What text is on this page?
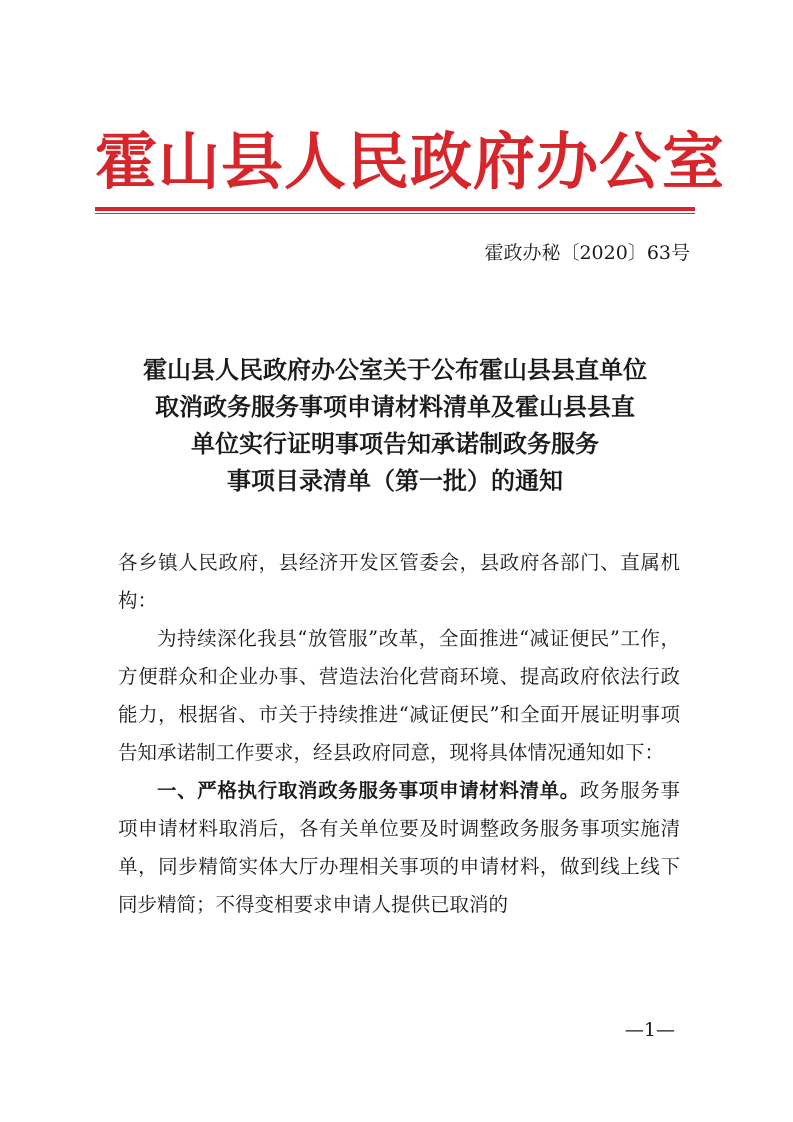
霍山县人民政府办公室
霍政办秘〔2020〕63号
霍山县人民政府办公室关于公布霍山县县直单位
取消政务服务事项申请材料清单及霍山县县直
单位实行证明事项告知承诺制政务服务
事项目录清单（第一批）的通知

各乡镇人民政府，县经济开发区管委会，县政府各部门、直属机构：

为持续深化我县“放管服”改革，全面推进“减证便民”工作，方便群众和企业办事、营造法治化营商环境、提高政府依法行政能力，根据省、市关于持续推进“减证便民”和全面开展证明事项告知承诺制工作要求，经县政府同意，现将具体情况通知如下：

一、严格执行取消政务服务事项申请材料清单。政务服务事项申请材料取消后，各有关单位要及时调整政务服务事项实施清单，同步精简实体大厅办理相关事项的申请材料，做到线上线下同步精简；不得变相要求申请人提供已取消的

—1—
